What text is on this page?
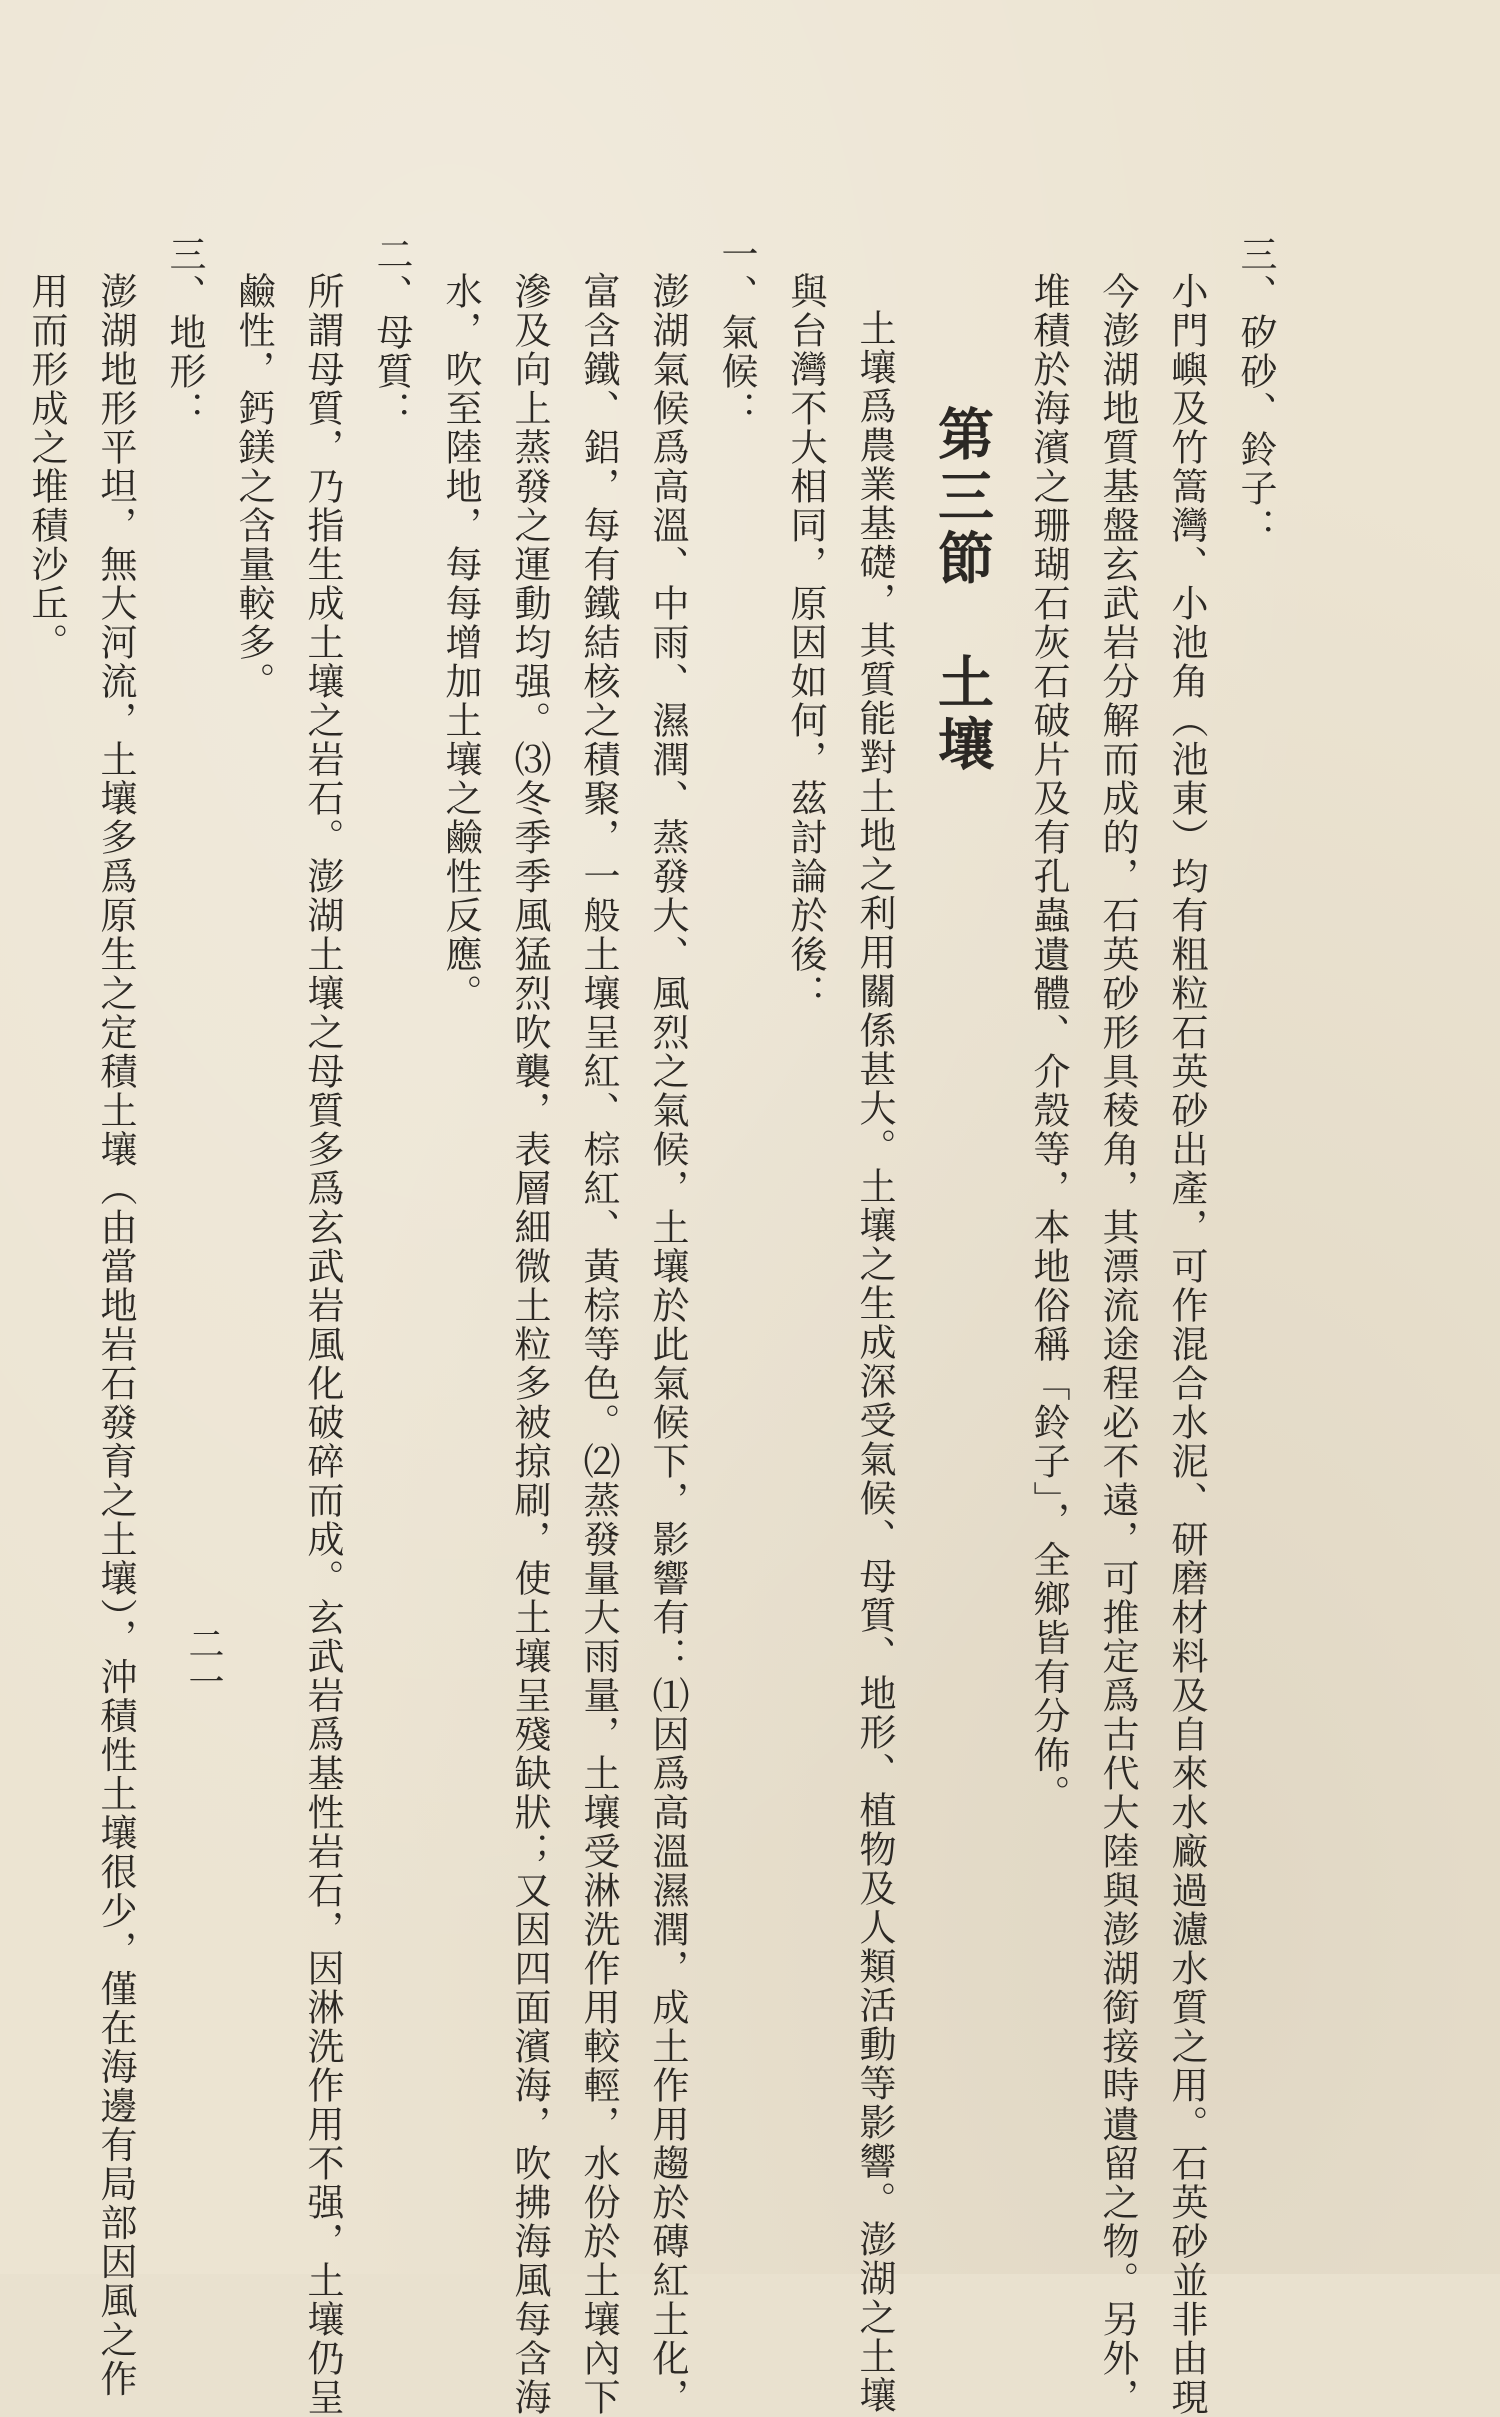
三、矽砂、鈴子：

小門嶼及竹篙灣、小池角（池東）均有粗粒石英砂出產，可作混合水泥、研磨材料及自來水廠過濾水質之用。石英砂並非由現

今澎湖地質基盤玄武岩分解而成的，石英砂形具稜角，其漂流途程必不遠，可推定爲古代大陸與澎湖銜接時遺留之物。另外，

堆積於海濱之珊瑚石灰石破片及有孔蟲遺體、介殼等，本地俗稱「鈴子」，全鄉皆有分佈。

第三節　土壤

土壤爲農業基礎，其質能對土地之利用關係甚大。土壤之生成深受氣候、母質、地形、植物及人類活動等影響。澎湖之土壤

與台灣不大相同，原因如何，茲討論於後：

一、氣候：

澎湖氣候爲高溫、中雨、濕潤、蒸發大、風烈之氣候，土壤於此氣候下，影響有：⑴因爲高溫濕潤，成土作用趨於磚紅土化，

富含鐵、鋁，每有鐵結核之積聚，一般土壤呈紅、棕紅、黃棕等色。⑵蒸發量大雨量，土壤受淋洗作用較輕，水份於土壤內下

滲及向上蒸發之運動均强。⑶冬季季風猛烈吹襲，表層細微土粒多被掠刷，使土壤呈殘缺狀；又因四面濱海，吹拂海風每含海

水，吹至陸地，每每增加土壤之鹼性反應。

二、母質：

所謂母質，乃指生成土壤之岩石。澎湖土壤之母質多爲玄武岩風化破碎而成。玄武岩爲基性岩石，因淋洗作用不强，土壤仍呈

鹼性，鈣鎂之含量較多。

三、地形：

澎湖地形平坦，無大河流，土壤多爲原生之定積土壤（由當地岩石發育之土壤），沖積性土壤很少，僅在海邊有局部因風之作

用而形成之堆積沙丘。

二一
